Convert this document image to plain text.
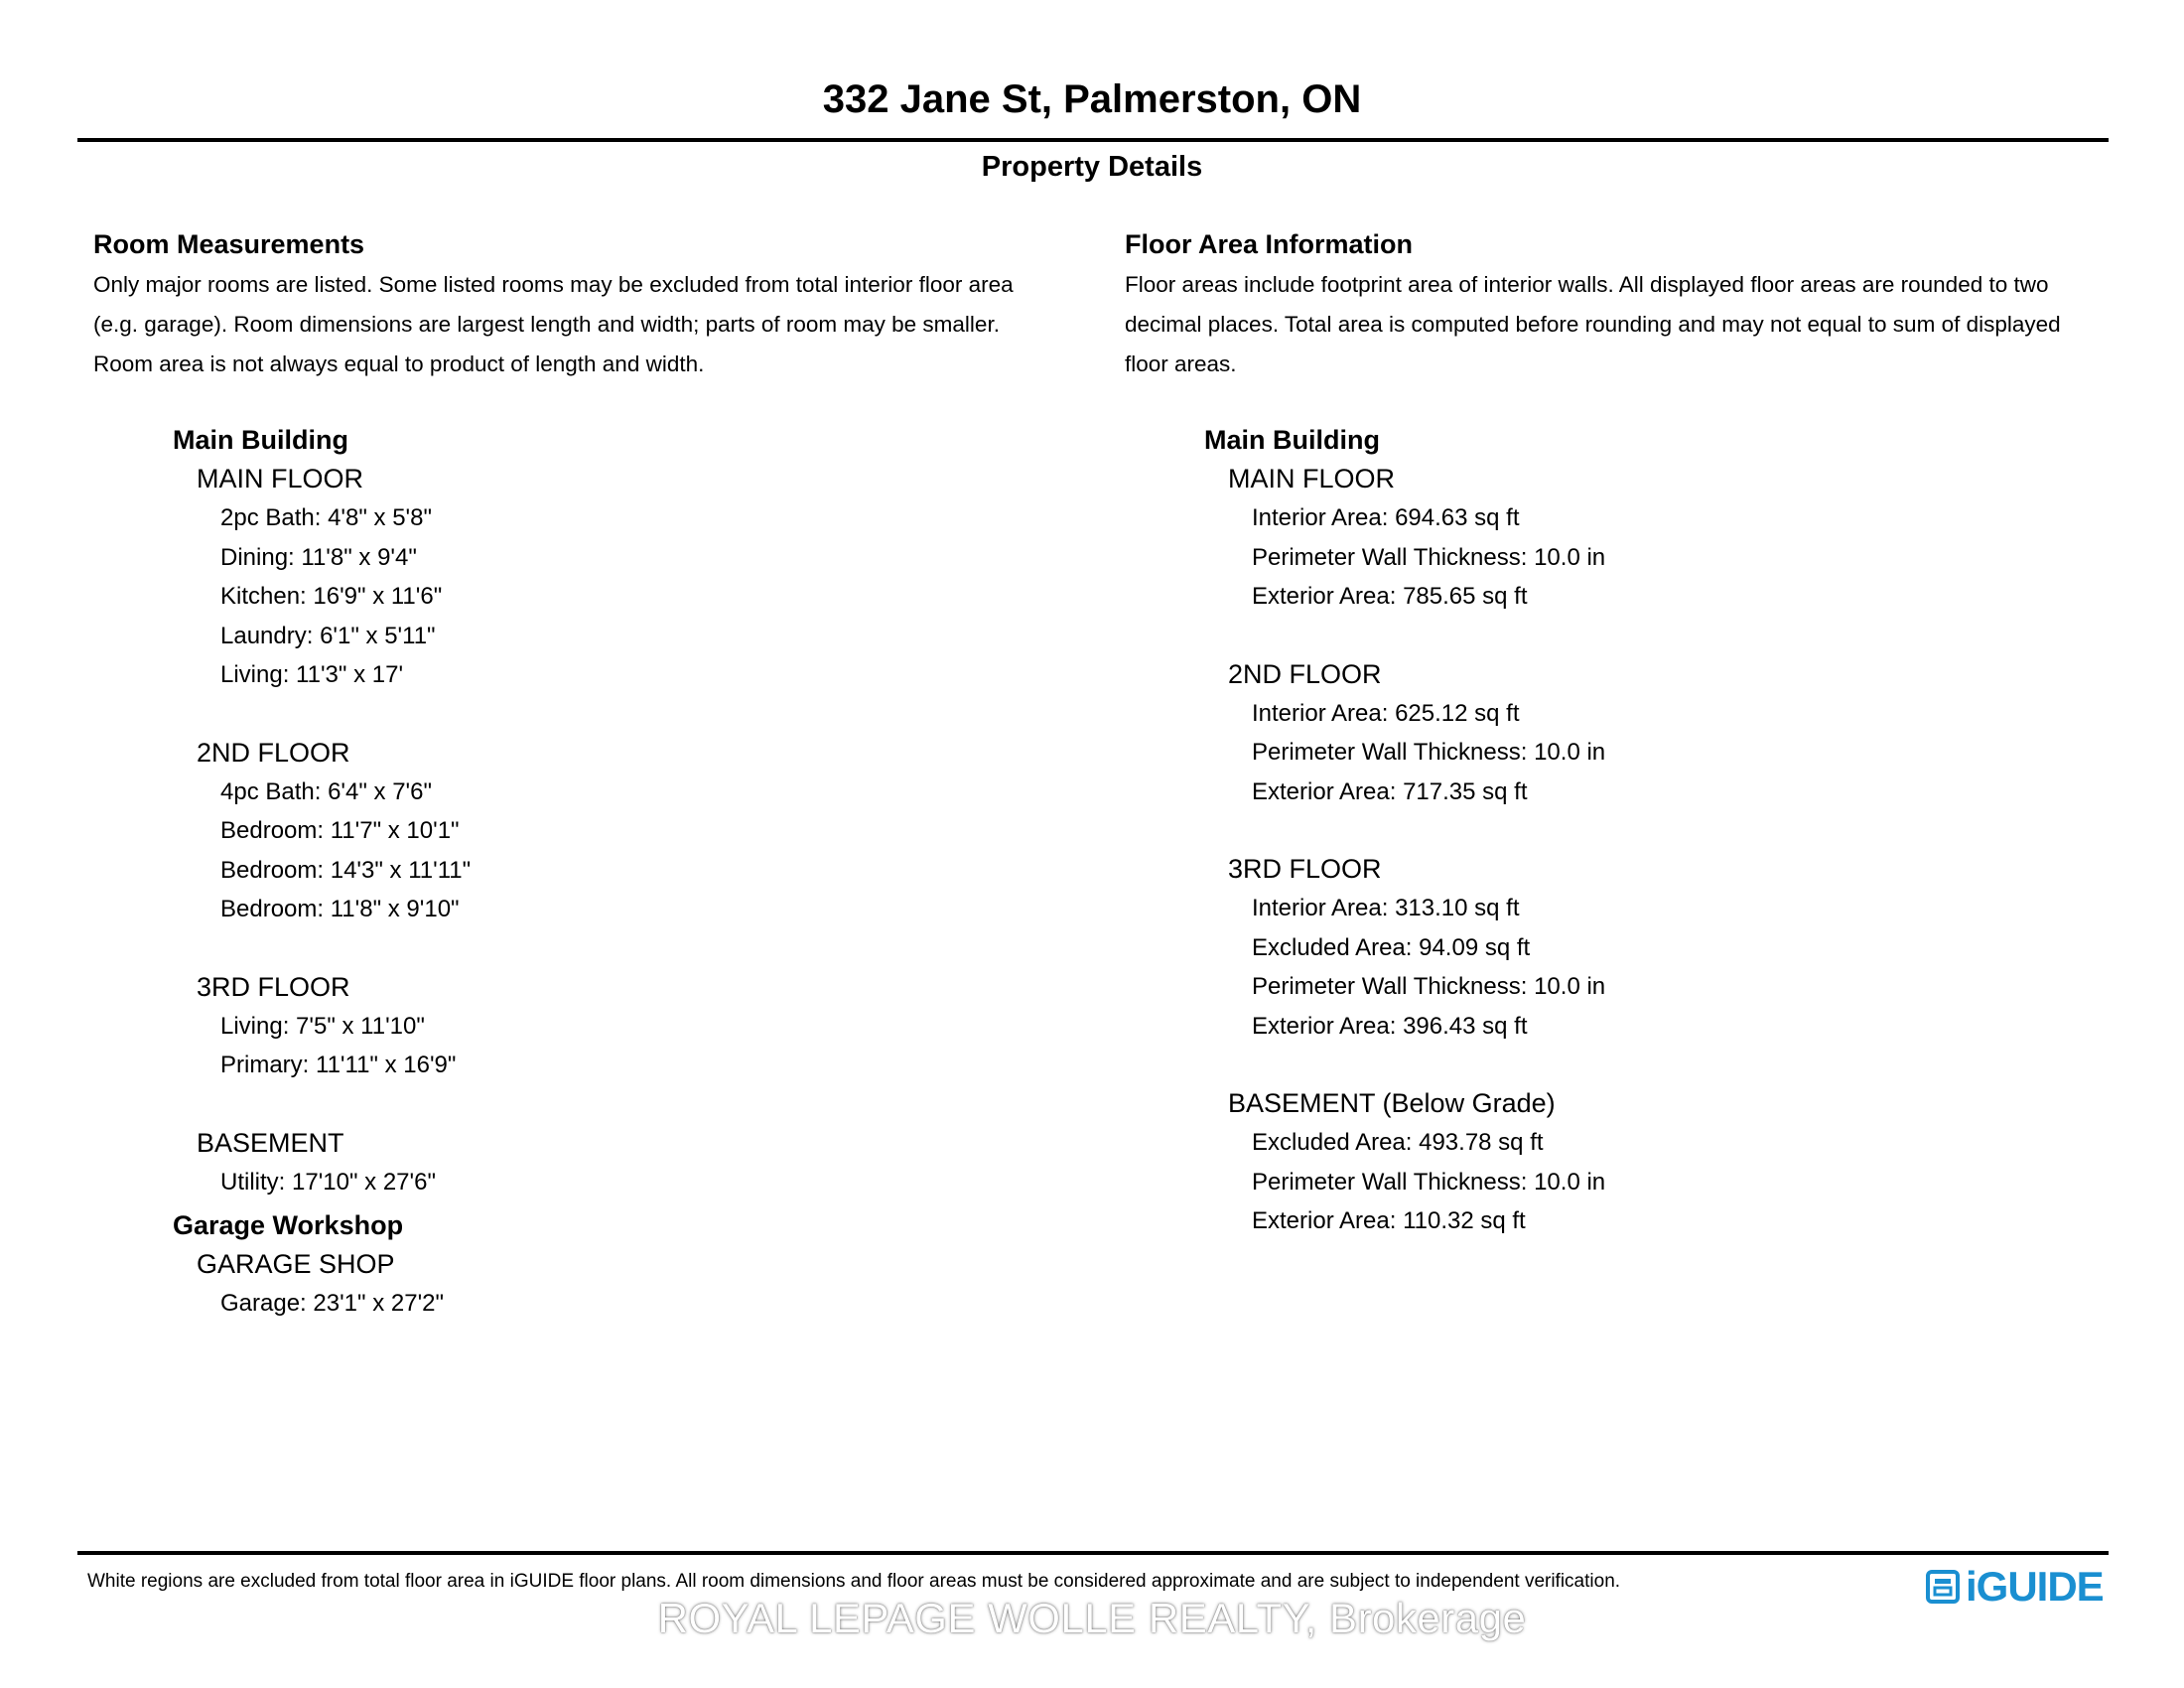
332 Jane St, Palmerston, ON
Property Details
Room Measurements
Only major rooms are listed. Some listed rooms may be excluded from total interior floor area
(e.g. garage). Room dimensions are largest length and width; parts of room may be smaller.
Room area is not always equal to product of length and width.
Main Building
MAIN FLOOR
2pc Bath: 4'8" x 5'8"
Dining: 11'8" x 9'4"
Kitchen: 16'9" x 11'6"
Laundry: 6'1" x 5'11"
Living: 11'3" x 17'
2ND FLOOR
4pc Bath: 6'4" x 7'6"
Bedroom: 11'7" x 10'1"
Bedroom: 14'3" x 11'11"
Bedroom: 11'8" x 9'10"
3RD FLOOR
Living: 7'5" x 11'10"
Primary: 11'11" x 16'9"
BASEMENT
Utility: 17'10" x 27'6"
Garage Workshop
GARAGE SHOP
Garage: 23'1" x 27'2"
Floor Area Information
Floor areas include footprint area of interior walls. All displayed floor areas are rounded to two
decimal places. Total area is computed before rounding and may not equal to sum of displayed
floor areas.
Main Building
MAIN FLOOR
Interior Area: 694.63 sq ft
Perimeter Wall Thickness: 10.0 in
Exterior Area: 785.65 sq ft
2ND FLOOR
Interior Area: 625.12 sq ft
Perimeter Wall Thickness: 10.0 in
Exterior Area: 717.35 sq ft
3RD FLOOR
Interior Area: 313.10 sq ft
Excluded Area: 94.09 sq ft
Perimeter Wall Thickness: 10.0 in
Exterior Area: 396.43 sq ft
BASEMENT (Below Grade)
Excluded Area: 493.78 sq ft
Perimeter Wall Thickness: 10.0 in
Exterior Area: 110.32 sq ft
White regions are excluded from total floor area in iGUIDE floor plans. All room dimensions and floor areas must be considered approximate and are subject to independent verification.
ROYAL LEPAGE WOLLE REALTY, Brokerage
iGUIDE
